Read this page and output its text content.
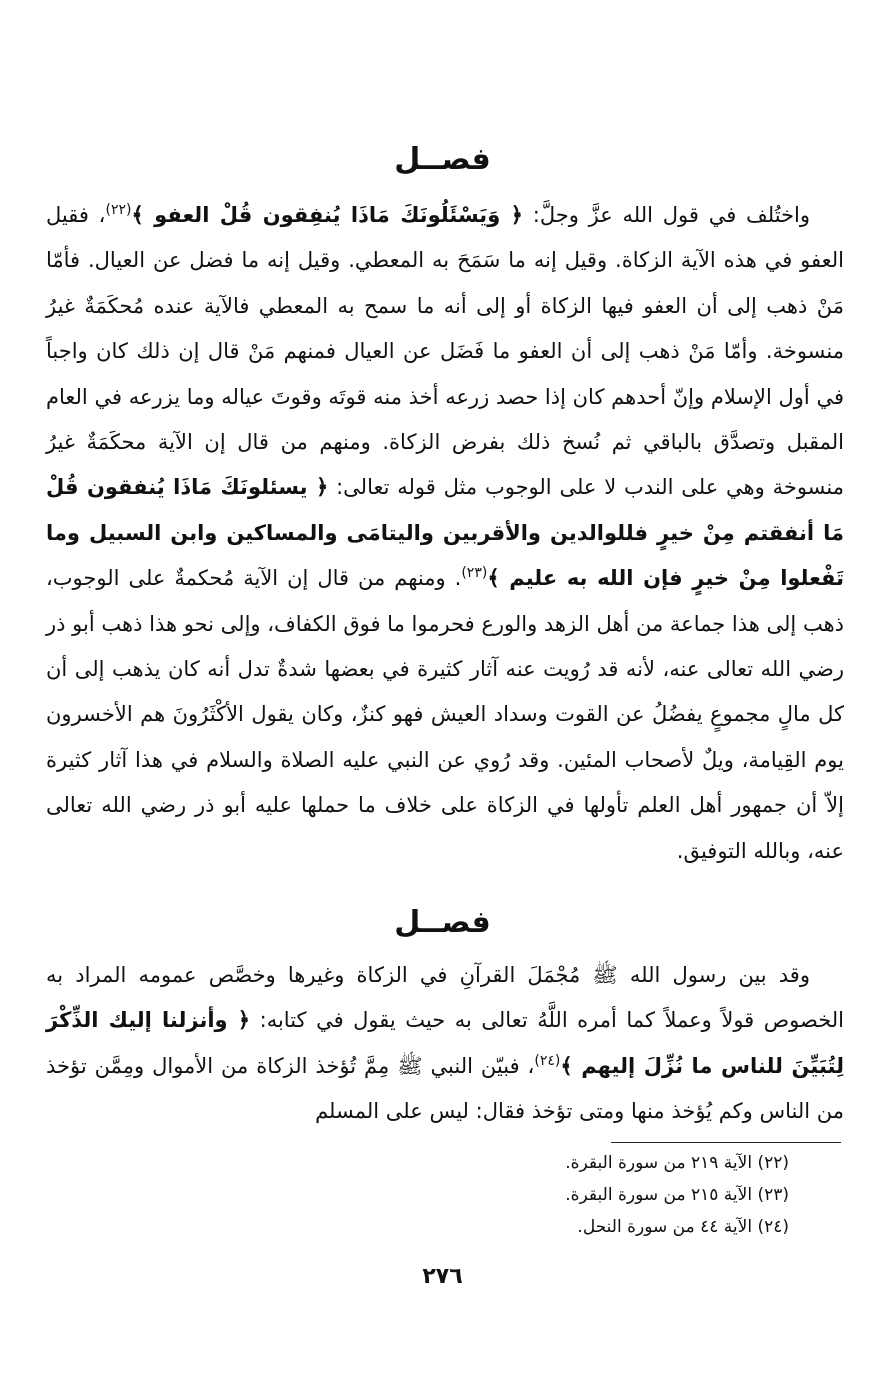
فصــل

واختُلف في قول الله عزَّ وجلَّ: ﴿ وَيَسْئَلُونَكَ مَاذَا يُنفِقون قُلْ العفو ﴾$^{(٢٢)}$، فقيل العفو في هذه الآية الزكاة. وقيل إنه ما سَمَحَ به المعطي. وقيل إنه ما فضل عن العيال. فأمّا مَنْ ذهب إلى أن العفو فيها الزكاة أو إلى أنه ما سمح به المعطي فالآية عنده مُحكَمَةٌ غيرُ منسوخة. وأمّا مَنْ ذهب إلى أن العفو ما فَضَل عن العيال فمنهم مَنْ قال إن ذلك كان واجباً في أول الإسلام وإنّ أحدهم كان إذا حصد زرعه أخذ منه قوتَه وقوتَ عياله وما يزرعه في العام المقبل وتصدَّق بالباقي ثم نُسخ ذلك بفرض الزكاة. ومنهم من قال إن الآية محكَمَةٌ غيرُ منسوخة وهي على الندب لا على الوجوب مثل قوله تعالى: ﴿ يسئلونَكَ مَاذَا يُنفقون قُلْ مَا أنفقتم مِنْ خيرٍ فللوالدين والأقربين واليتامَى والمساكين وابن السبيل وما تَفْعلوا مِنْ خيرٍ فإن الله به عليم ﴾$^{(٢٣)}$. ومنهم من قال إن الآية مُحكمةٌ على الوجوب، ذهب إلى هذا جماعة من أهل الزهد والورع فحرموا ما فوق الكفاف، وإلى نحو هذا ذهب أبو ذر رضي الله تعالى عنه، لأنه قد رُويت عنه آثار كثيرة في بعضها شدةٌ تدل أنه كان يذهب إلى أن كل مالٍ مجموعٍ يفضُلُ عن القوت وسداد العيش فهو كنزٌ، وكان يقول الأكْثَرُونَ هم الأخسرون يوم القِيامة، ويلٌ لأصحاب المئين. وقد رُوي عن النبي عليه الصلاة والسلام في هذا آثار كثيرة إلاّ أن جمهور أهل العلم تأولها في الزكاة على خلاف ما حملها عليه أبو ذر رضي الله تعالى عنه، وبالله التوفيق.

فصــل

وقد بين رسول الله ﷺ مُجْمَلَ القرآنِ في الزكاة وغيرها وخصَّص عمومه المراد به الخصوص قولاً وعملاً كما أمره اللَّهُ تعالى به حيث يقول في كتابه: ﴿ وأنزلنا إليك الذِّكْرَ لِتُبَيِّنَ للناس ما نُزِّلَ إليهم ﴾$^{(٢٤)}$، فبيّن النبي ﷺ مِمَّ تُؤخذ الزكاة من الأموال ومِمَّن تؤخذ من الناس وكم يُؤخذ منها ومتى تؤخذ فقال: ليس على المسلم

(٢٢) الآية ٢١٩ من سورة البقرة.
(٢٣) الآية ٢١٥ من سورة البقرة.
(٢٤) الآية ٤٤ من سورة النحل.
٢٧٦
